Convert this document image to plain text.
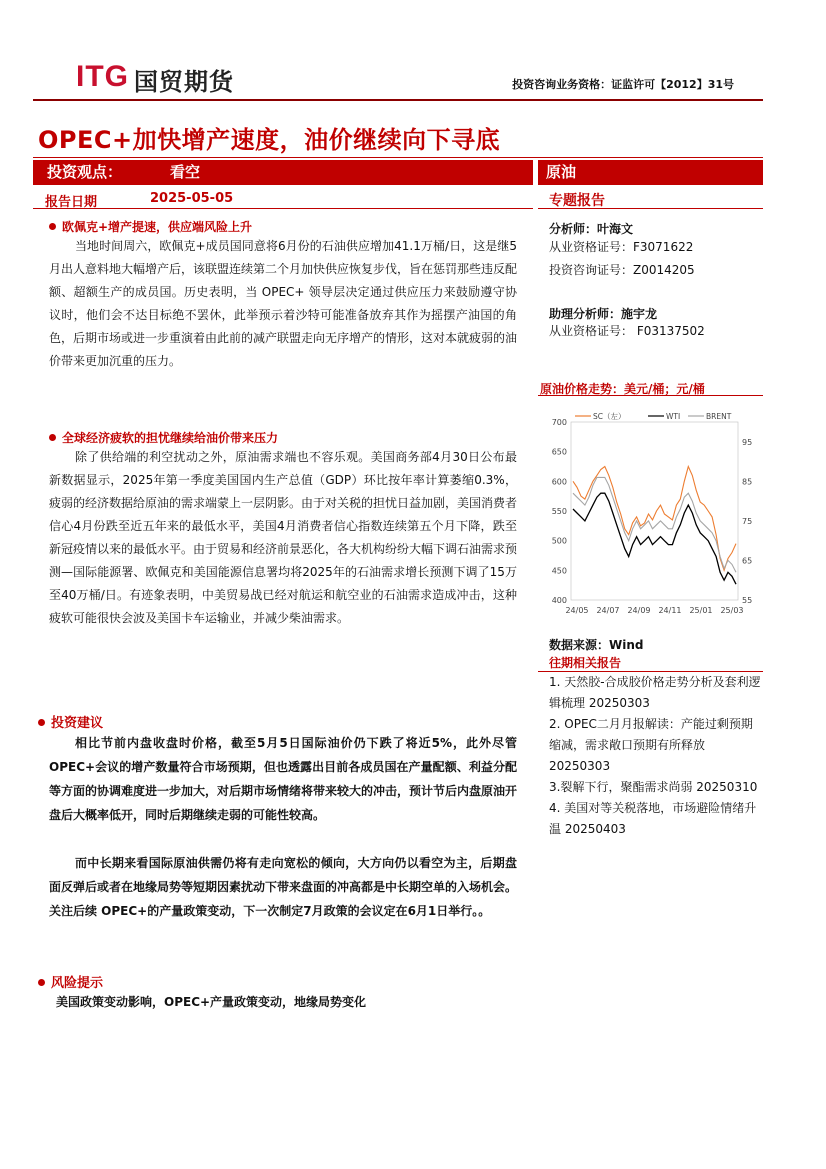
ITG 国贸期货	投资咨询业务资格：证监许可【2012】31号
OPEC+加快增产速度，油价继续向下寻底
投资观点：	看空	原油
报告日期	2025-05-05	专题报告
欧佩克+增产提速，供应端风险上升
当地时间周六，欧佩克+成员国同意将6月份的石油供应增加41.1万桶/日，这是继5月出人意料地大幅增产后，该联盟连续第二个月加快供应恢复步伐，旨在惩罚那些违反配额、超额生产的成员国。历史表明，当 OPEC+ 领导层决定通过供应压力来鼓励遵守协议时，他们会不达目标绝不罢休，此举预示着沙特可能准备放弃其作为摇摆产油国的角色，后期市场或进一步重演着由此前的减产联盟走向无序增产的情形，这对本就疲弱的油价带来更加沉重的压力。
全球经济疲软的担忧继续给油价带来压力
除了供给端的利空扰动之外，原油需求端也不容乐观。美国商务部4月30日公布最新数据显示，2025年第一季度美国国内生产总值（GDP）环比按年率计算萎缩0.3%，疲弱的经济数据给原油的需求端蒙上一层阴影。由于对关税的担忧日益加剧，美国消费者信心4月份跌至近五年来的最低水平，美国4月消费者信心指数连续第五个月下降，跌至新冠疫情以来的最低水平。由于贸易和经济前景恶化，各大机构纷纷大幅下调石油需求预测—国际能源署、欧佩克和美国能源信息署均将2025年的石油需求增长预测下调了15万至40万桶/日。有迹象表明，中美贸易战已经对航运和航空业的石油需求造成冲击，这种疲软可能很快会波及美国卡车运输业，并减少柴油需求。
投资建议
相比节前内盘收盘时价格，截至5月5日国际油价仍下跌了将近5%，此外尽管 OPEC+会议的增产数量符合市场预期，但也透露出目前各成员国在产量配额、利益分配等方面的协调难度进一步加大，对后期市场情绪将带来较大的冲击，预计节后内盘原油开盘后大概率低开，同时后期继续走弱的可能性较高。
而中长期来看国际原油供需仍将有走向宽松的倾向，大方向仍以看空为主，后期盘面反弹后或者在地缘局势等短期因素扰动下带来盘面的冲高都是中长期空单的入场机会。关注后续 OPEC+的产量政策变动，下一次制定7月政策的会议定在6月1日举行。。
风险提示
美国政策变动影响，OPEC+产量政策变动，地缘局势变化
分析师：叶海文
从业资格证号：F3071622
投资咨询证号：Z0014205
助理分析师：施宇龙
从业资格证号： F03137502
原油价格走势：美元/桶；元/桶
400
450
500
550
600
650
700
55
65
75
85
95
24/05 24/07 24/09 24/11 25/01 25/03
SC（左）	WTI	BRENT
数据来源：Wind
往期相关报告
1. 天然胶-合成胶价格走势分析及套利逻辑梳理 20250303
2. OPEC二月月报解读：产能过剩预期缩减，需求敞口预期有所释放 20250303
3.裂解下行，聚酯需求尚弱 20250310
4. 美国对等关税落地，市场避险情绪升温 20250403
